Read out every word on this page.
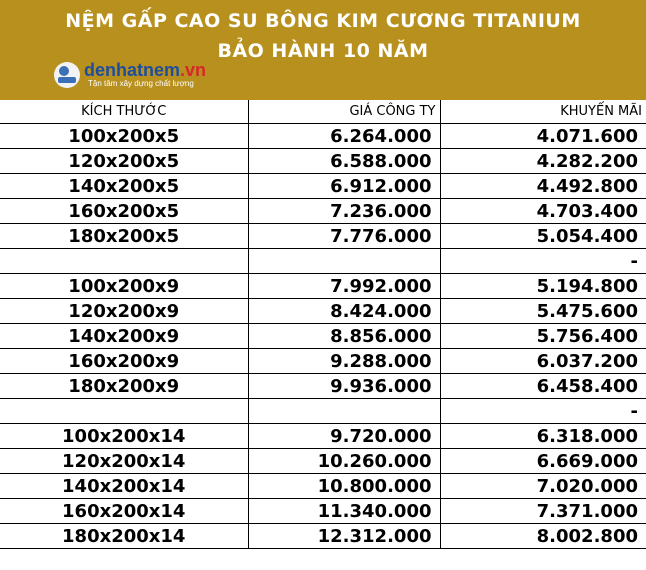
NỆM GẤP CAO SU BÔNG KIM CƯƠNG TITANIUM
BẢO HÀNH 10 NĂM
denhatnem.vn
Tận tâm xây dựng chất lượng
KÍCH THƯỚC	GIÁ CÔNG TY	KHUYẾN MÃI
100x200x5	6.264.000	4.071.600
120x200x5	6.588.000	4.282.200
140x200x5	6.912.000	4.492.800
160x200x5	7.236.000	4.703.400
180x200x5	7.776.000	5.054.400
		-
100x200x9	7.992.000	5.194.800
120x200x9	8.424.000	5.475.600
140x200x9	8.856.000	5.756.400
160x200x9	9.288.000	6.037.200
180x200x9	9.936.000	6.458.400
		-
100x200x14	9.720.000	6.318.000
120x200x14	10.260.000	6.669.000
140x200x14	10.800.000	7.020.000
160x200x14	11.340.000	7.371.000
180x200x14	12.312.000	8.002.800
